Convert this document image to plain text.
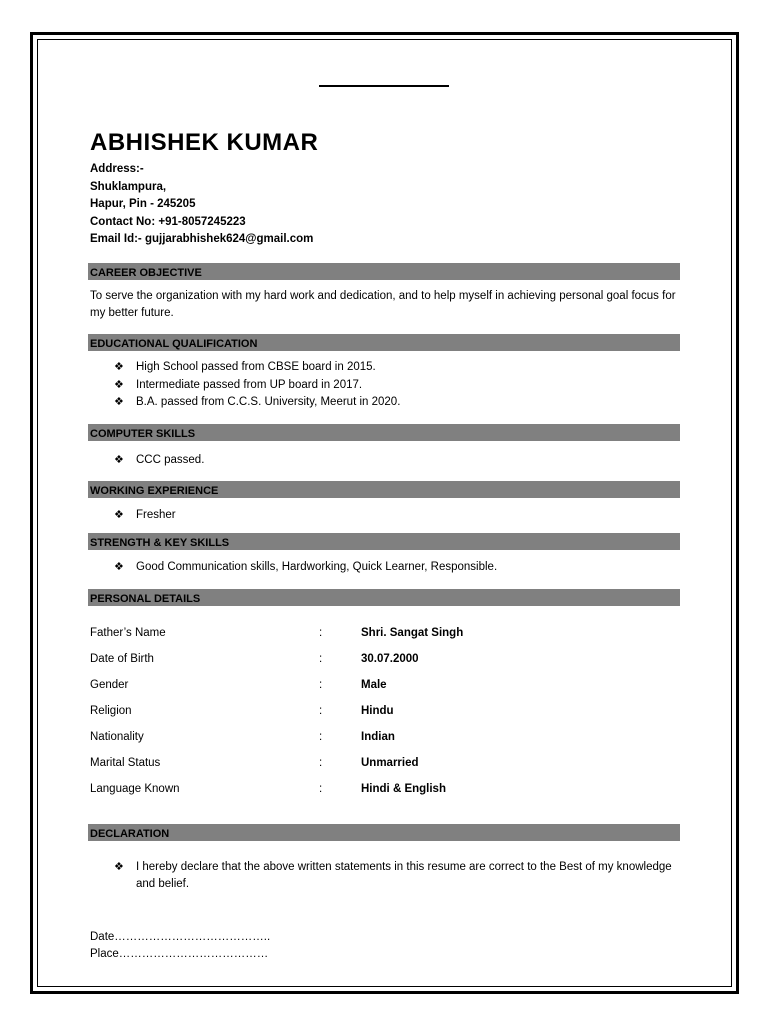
ABHISHEK KUMAR
Address:-
Shuklampura,
Hapur, Pin - 245205
Contact No: +91-8057245223
Email Id:- gujjarabhishek624@gmail.com
CAREER OBJECTIVE
To serve the organization with my hard work and dedication, and to help myself in achieving personal goal focus for my better future.
EDUCATIONAL QUALIFICATION
❖ High School passed from CBSE board in 2015.
❖ Intermediate passed from UP board in 2017.
❖ B.A. passed from C.C.S. University, Meerut in 2020.
COMPUTER SKILLS
❖ CCC passed.
WORKING EXPERIENCE
❖ Fresher
STRENGTH & KEY SKILLS
❖ Good Communication skills, Hardworking, Quick Learner, Responsible.
PERSONAL DETAILS
Father’s Name	:	Shri. Sangat Singh
Date of Birth	:	30.07.2000
Gender	:	Male
Religion	:	Hindu
Nationality	:	Indian
Marital Status	:	Unmarried
Language Known	:	Hindi & English
DECLARATION
❖	I hereby declare that the above written statements in this resume are correct to the Best of my knowledge and belief.
Date…………………………………..
Place…………………………………
